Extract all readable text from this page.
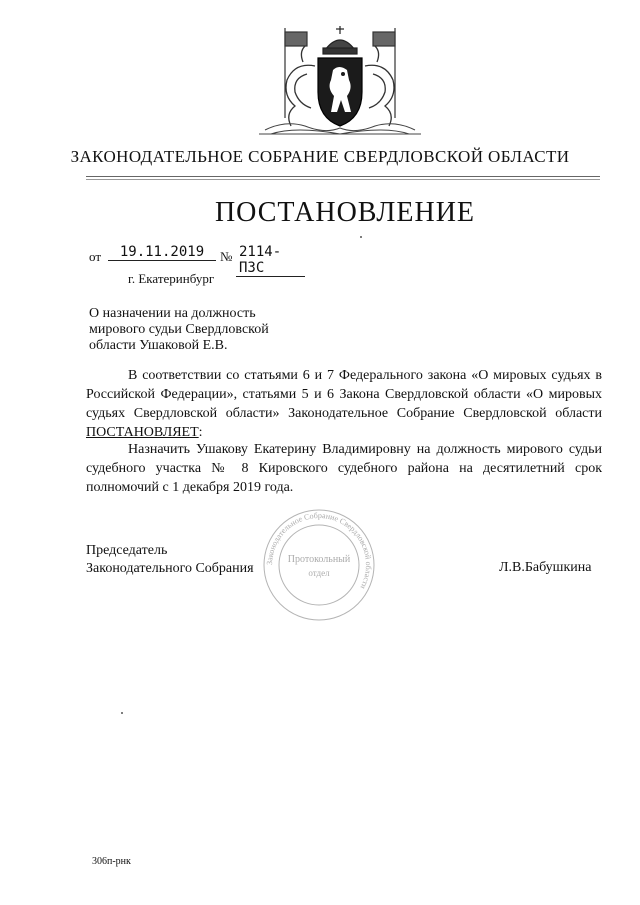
ЗАКОНОДАТЕЛЬНОЕ СОБРАНИЕ СВЕРДЛОВСКОЙ ОБЛАСТИ
ПОСТАНОВЛЕНИЕ
от	19.11.2019	№ 2114-ПЗС
г. Екатеринбург
О назначении на должность
мирового судьи Свердловской
области Ушаковой Е.В.
В соответствии со статьями 6 и 7 Федерального закона «О мировых судьях в Российской Федерации», статьями 5 и 6 Закона Свердловской области «О мировых судьях Свердловской области» Законодательное Собрание Свердловской области ПОСТАНОВЛЯЕТ:
Назначить Ушакову Екатерину Владимировну на должность мирового судьи судебного участка № 8 Кировского судебного района на десятилетний срок полномочий с 1 декабря 2019 года.
Законодательное Собрание Свердловской области
Протокольный
отдел
Председатель
Законодательного Собрания	Л.В.Бабушкина
306п-рнк
